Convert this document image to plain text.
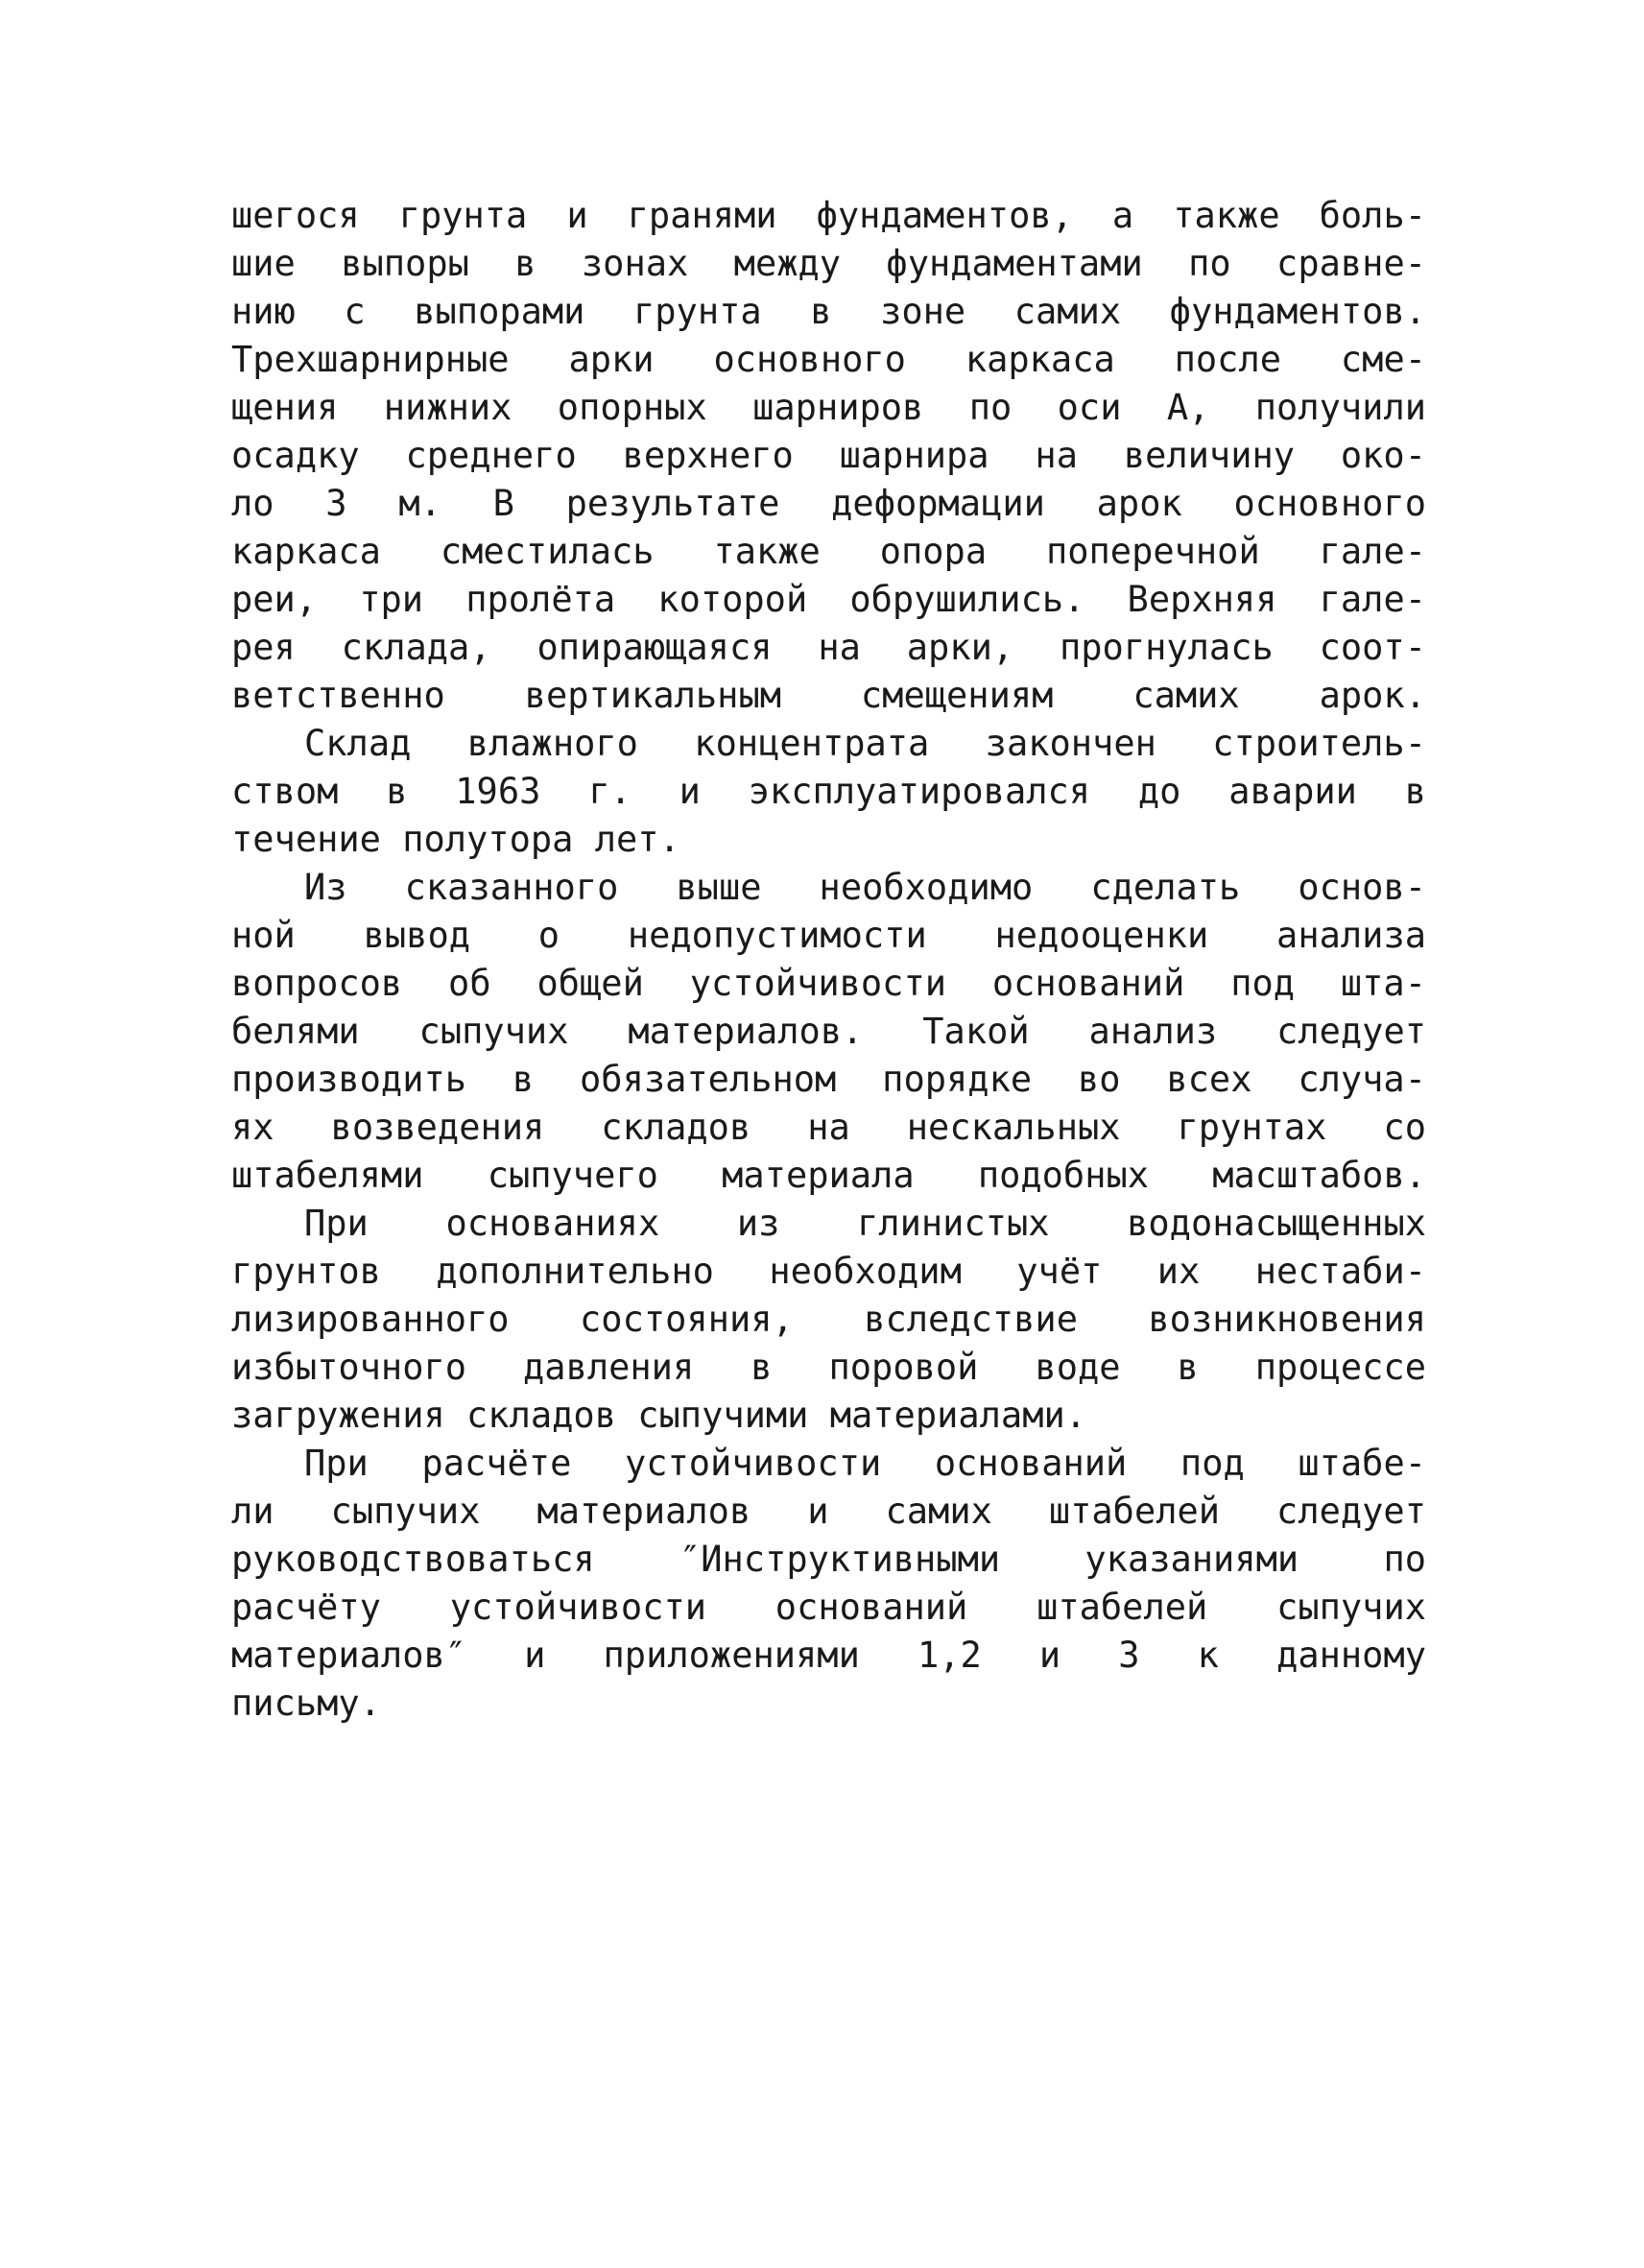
шегося грунта и гранями фундаментов, а также боль-
шие выпоры в зонах между фундаментами по сравне-
нию с выпорами грунта в зоне самих фундаментов.
Трехшарнирные арки основного каркаса после сме-
щения нижних опорных шарниров по оси А, получили
осадку среднего верхнего шарнира на величину око-
ло 3 м. В результате деформации арок основного
каркаса сместилась также опора поперечной гале-
реи, три пролёта которой обрушились. Верхняя гале-
рея склада, опирающаяся на арки, прогнулась соот-
ветственно вертикальным смещениям самих арок.
Склад влажного концентрата закончен строитель-
ством в 1963 г. и эксплуатировался до аварии в
течение полутора лет.
Из сказанного выше необходимо сделать основ-
ной вывод о недопустимости недооценки анализа
вопросов об общей устойчивости оснований под шта-
белями сыпучих материалов. Такой анализ следует
производить в обязательном порядке во всех случа-
ях возведения складов на нескальных грунтах со
штабелями сыпучего материала подобных масштабов.
При основаниях из глинистых водонасыщенных
грунтов дополнительно необходим учёт их нестаби-
лизированного состояния, вследствие возникновения
избыточного давления в поровой воде в процессе
загружения складов сыпучими материалами.
При расчёте устойчивости оснований под штабе-
ли сыпучих материалов и самих штабелей следует
руководствоваться ″Инструктивными указаниями по
расчёту устойчивости оснований штабелей сыпучих
материалов″ и приложениями 1,2 и 3 к данному
письму.
